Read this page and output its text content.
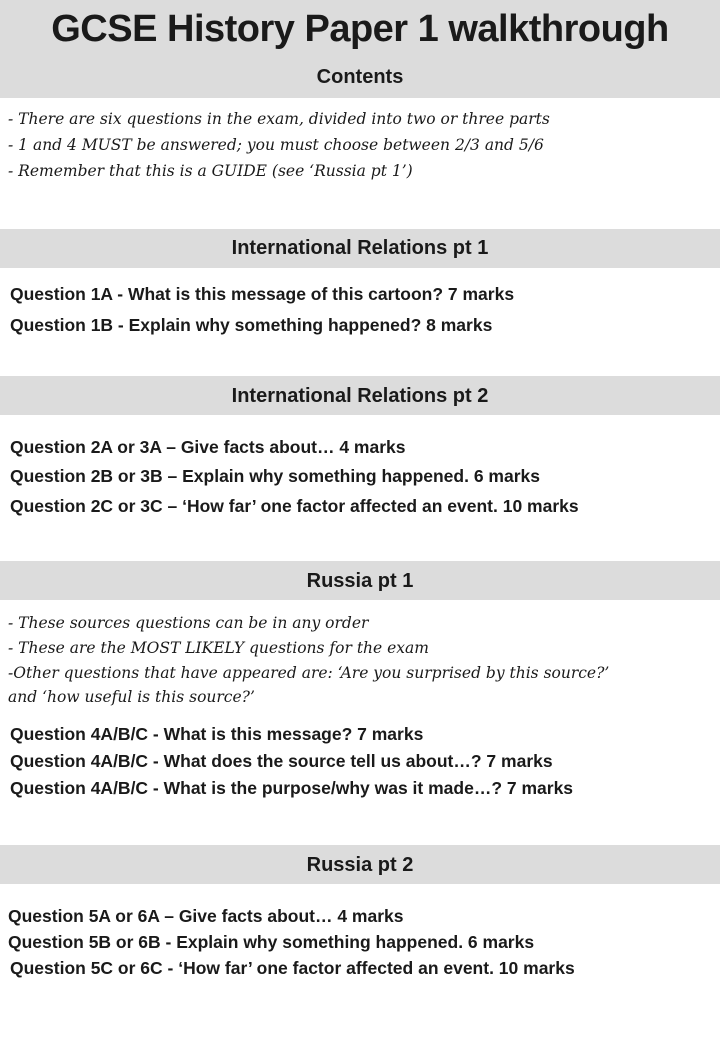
GCSE History Paper 1 walkthrough
Contents
- There are six questions in the exam, divided into two or three parts
- 1 and 4 MUST be answered; you must choose between 2/3 and 5/6
- Remember that this is a GUIDE (see ‘Russia pt 1’)
International Relations pt 1
Question 1A - What is this message of this cartoon? 7 marks
Question 1B - Explain why something happened? 8 marks
International Relations pt 2
Question 2A or 3A – Give facts about… 4 marks
Question 2B or 3B – Explain why something happened. 6 marks
Question 2C or 3C – ‘How far’ one factor affected an event. 10 marks
Russia pt 1
- These sources questions can be in any order
- These are the MOST LIKELY questions for the exam
-Other questions that have appeared are: ‘Are you surprised by this source?’
and ‘how useful is this source?’
Question 4A/B/C - What is this message? 7 marks
Question 4A/B/C - What does the source tell us about…? 7 marks
Question 4A/B/C - What is the purpose/why was it made…? 7 marks
Russia pt 2
Question 5A or 6A – Give facts about… 4 marks
Question 5B or 6B - Explain why something happened. 6 marks
Question 5C or 6C - ‘How far’ one factor affected an event. 10 marks
